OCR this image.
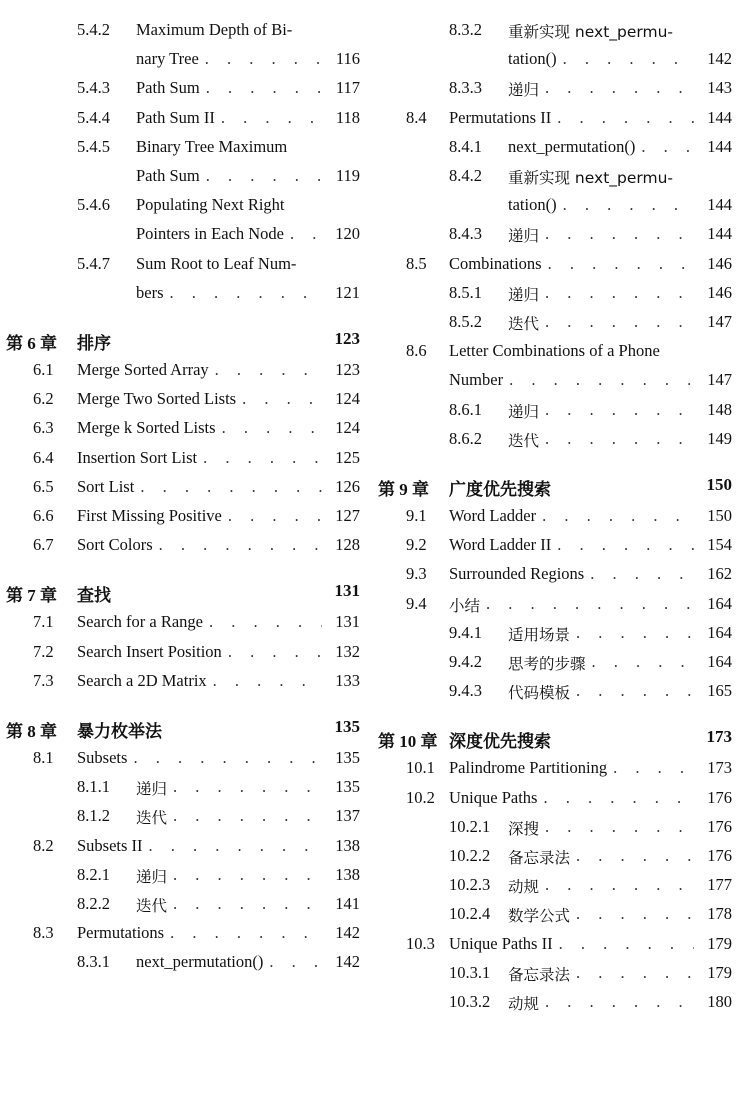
5.4.2 Maximum Depth of Bi-
nary Tree . . .	116
5.4.3 Path Sum . . .	117
5.4.4 Path Sum II . . .	118
5.4.5 Binary Tree Maximum
Path Sum . . .	119
5.4.6 Populating Next Right
Pointers in Each Node . . .	120
5.4.7 Sum Root to Leaf Num-
bers . . .	121
第 6 章 排序	123
6.1 Merge Sorted Array . . .	123
6.2 Merge Two Sorted Lists . . .	124
6.3 Merge k Sorted Lists . . .	124
6.4 Insertion Sort List . . .	125
6.5 Sort List . . .	126
6.6 First Missing Positive . . .	127
6.7 Sort Colors . . .	128
第 7 章 查找	131
7.1 Search for a Range . . .	131
7.2 Search Insert Position . . .	132
7.3 Search a 2D Matrix . . .	133
第 8 章 暴力枚举法	135
8.1 Subsets . . .	135
8.1.1 递归 . . .	135
8.1.2 迭代 . . .	137
8.2 Subsets II . . .	138
8.2.1 递归 . . .	138
8.2.2 迭代 . . .	141
8.3 Permutations . . .	142
8.3.1 next_permutation() . . .	142
8.3.2 重新实现 next_permu-
tation() . . .	142
8.3.3 递归 . . .	143
8.4 Permutations II . . .	144
8.4.1 next_permutation() . . .	144
8.4.2 重新实现 next_permu-
tation() . . .	144
8.4.3 递归 . . .	144
8.5 Combinations . . .	146
8.5.1 递归 . . .	146
8.5.2 迭代 . . .	147
8.6 Letter Combinations of a Phone
Number . . .	147
8.6.1 递归 . . .	148
8.6.2 迭代 . . .	149
第 9 章 广度优先搜索	150
9.1 Word Ladder . . .	150
9.2 Word Ladder II . . .	154
9.3 Surrounded Regions . . .	162
9.4 小结 . . .	164
9.4.1 适用场景 . . .	164
9.4.2 思考的步骤 . . .	164
9.4.3 代码模板 . . .	165
第 10 章 深度优先搜索	173
10.1 Palindrome Partitioning . . .	173
10.2 Unique Paths . . .	176
10.2.1 深搜 . . .	176
10.2.2 备忘录法 . . .	176
10.2.3 动规 . . .	177
10.2.4 数学公式 . . .	178
10.3 Unique Paths II . . .	179
10.3.1 备忘录法 . . .	179
10.3.2 动规 . . .	180
